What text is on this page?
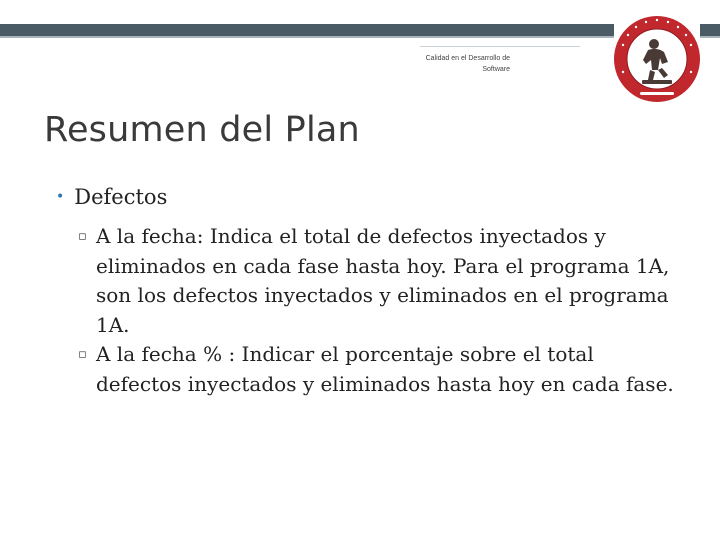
Calidad en el Desarrollo de Software
Resumen del Plan
• Defectos
▫ A la fecha: Indica el total de defectos inyectados y eliminados en cada fase hasta hoy. Para el programa 1A, son los defectos inyectados y eliminados en el programa 1A.
▫ A la fecha % : Indicar el porcentaje sobre el total defectos inyectados y eliminados hasta hoy en cada fase.
